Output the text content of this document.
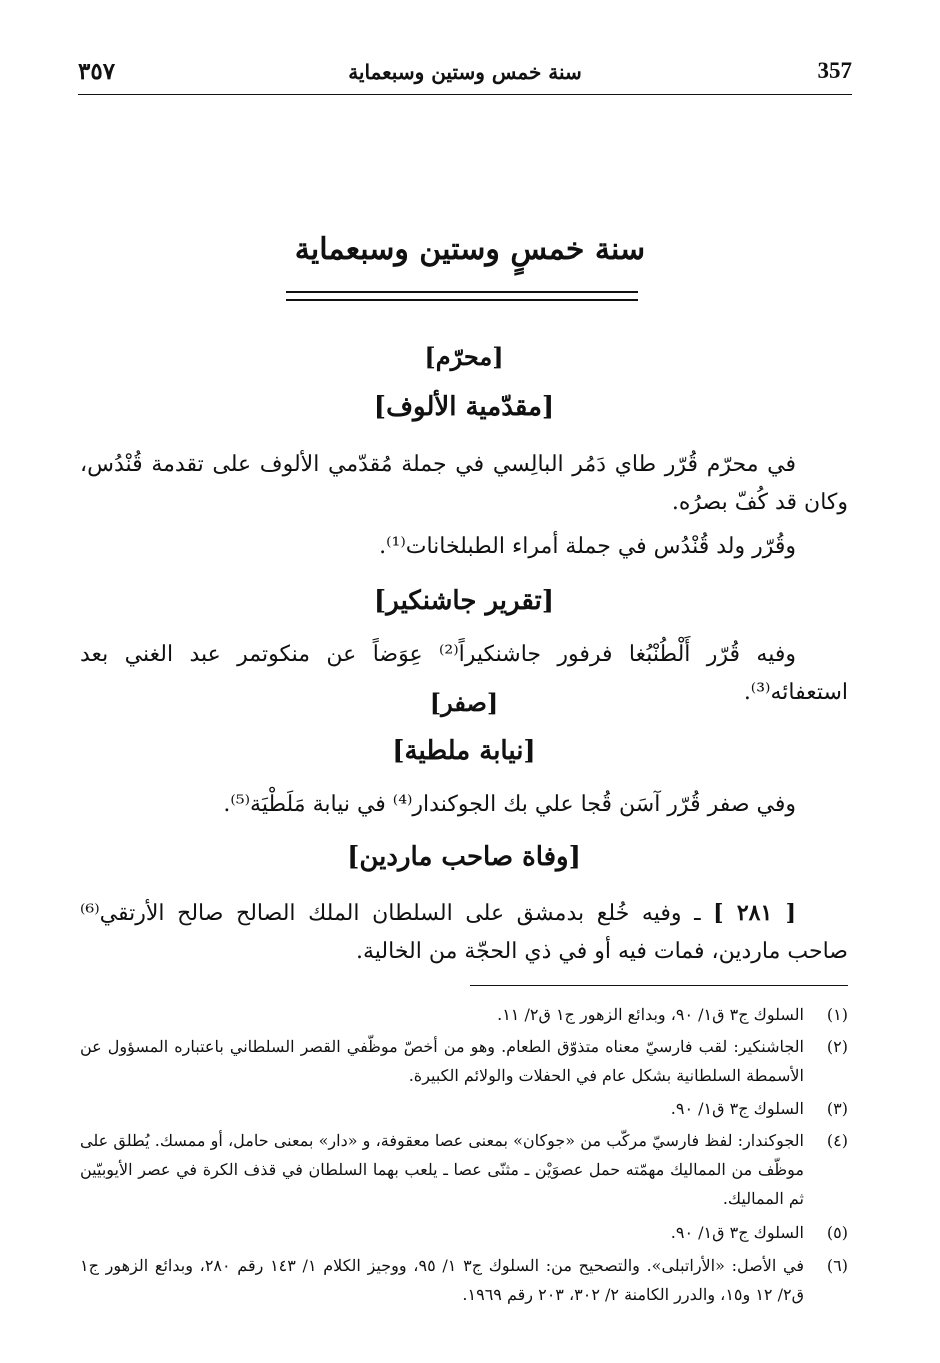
٣٥٧	سنة خمس وستين وسبعماية	357
سنة خمسٍ وستين وسبعماية
[محرّم]
[مقدّمية الألوف]
في محرّم قُرّر طاي دَمُر البالِسي في جملة مُقدّمي الألوف على تقدمة قُنْدُس، وكان قد كُفّ بصرُه.
وقُرّر ولد قُنْدُس في جملة أمراء الطبلخانات⁽¹⁾.
[تقرير جاشنكير]
وفيه قُرّر أَلْطُنْبُغا فرفور جاشنكيراً⁽²⁾ عِوَضاً عن منكوتمر عبد الغني بعد استعفائه⁽³⁾.
[صفر]
[نيابة ملطية]
وفي صفر قُرّر آسَن قُجا علي بك الجوكندار⁽⁴⁾ في نيابة مَلَطْيَة⁽⁵⁾.
[وفاة صاحب ماردين]
[ ٢٨١ ] ـ وفيه خُلع بدمشق على السلطان الملك الصالح صالح الأرتقي⁽⁶⁾ صاحب ماردين، فمات فيه أو في ذي الحجّة من الخالية.
(١)
السلوك ج٣ ق١/ ٩٠، وبدائع الزهور ج١ ق٢/ ١١.
(٢)
الجاشنكير: لقب فارسيّ معناه متذوّق الطعام. وهو من أخصّ موظّفي القصر السلطاني باعتباره المسؤول عن الأسمطة السلطانية بشكل عام في الحفلات والولائم الكبيرة.
(٣)
السلوك ج٣ ق١/ ٩٠.
(٤)
الجوكندار: لفظ فارسيّ مركّب من «جوكان» بمعنى عصا معقوفة، و «دار» بمعنى حامل، أو ممسك. يُطلق على موظّف من المماليك مهمّته حمل عصوَيْن ـ مثنّى عصا ـ يلعب بهما السلطان في قذف الكرة في عصر الأيوبيّين ثم المماليك.
(٥)
السلوك ج٣ ق١/ ٩٠.
(٦)
في الأصل: «الأراتبلى». والتصحيح من: السلوك ج٣ ١/ ٩٥، ووجيز الكلام ١/ ١٤٣ رقم ٢٨٠، وبدائع الزهور ج١ ق٢/ ١٢ و١٥، والدرر الكامنة ٢/ ٣٠٢، ٢٠٣ رقم ١٩٦٩.
